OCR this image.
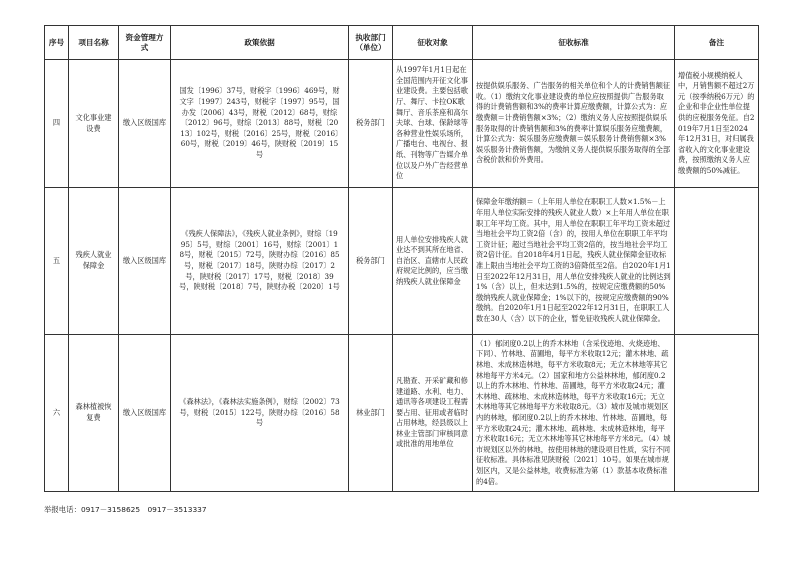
序号	项目名称	资金管理方式	政策依据	执收部门（单位）	征收对象	征收标准	备注
四	文化事业建设费	缴入区级国库	国发〔1996〕37号，财税字〔1996〕469号，财文字〔1997〕243号，财税字〔1997〕95号，国办发〔2006〕43号，财税〔2012〕68号，财综〔2012〕96号，财综〔2013〕88号，财税〔2013〕102号，财税〔2016〕25号，财税〔2016〕60号，财税〔2019〕46号，陕财税〔2019〕15号	税务部门	从1997年1月1日起在全国范围内开征文化事业建设费。主要包括歌厅、舞厅、卡拉OK歌舞厅、音乐茶座和高尔夫球、台球、保龄球等各种营业性娱乐场所，广播电台、电视台、报纸、刊物等广告媒介单位以及户外广告经营单位	按提供娱乐服务、广告服务的相关单位和个人的计费销售额征收。（1）缴纳文化事业建设费的单位应按照提供广告服务取得的计费销售额和3%的费率计算应缴费额，计算公式为：应缴费额＝计费销售额×3%；（2）缴纳义务人应按照提供娱乐服务取得的计费销售额和3%的费率计算娱乐服务应缴费额，计算公式为：娱乐服务应缴费额＝娱乐服务计费销售额×3%娱乐服务计费销售额，为缴纳义务人提供娱乐服务取得的全部含税价款和价外费用。	增值税小规模纳税人中，月销售额不超过2万元（按季纳税6万元）的企业和非企业性单位提供的应税服务免征。自2019年7月1日至2024年12月31日，对归属我省收入的文化事业建设费，按照缴纳义务人应缴费额的50%减征。
五	残疾人就业保障金	缴入区级国库	《残疾人保障法》，《残疾人就业条例》，财综〔1995〕5号，财综〔2001〕16号，财综〔2001〕18号，财税〔2015〕72号，陕财办综〔2016〕85号，财税〔2017〕18号，陕财办综〔2017〕2号，陕财税〔2017〕17号，财税〔2018〕39号，陕财税〔2018〕7号，陕财办税〔2020〕1号	税务部门	用人单位安排残疾人就业达不到其所在地省、自治区、直辖市人民政府规定比例的，应当缴纳残疾人就业保障金	保障金年缴纳额＝（上年用人单位在职职工人数×1.5%－上年用人单位实际安排的残疾人就业人数）×上年用人单位在职职工年平均工资。其中，用人单位在职职工年平均工资未超过当地社会平均工资2倍（含）的，按用人单位在职职工年平均工资计征；超过当地社会平均工资2倍的，按当地社会平均工资2倍计征。自2018年4月1日起，残疾人就业保障金征收标准上限由当地社会平均工资的3倍降低至2倍。自2020年1月1日至2022年12月31日，用人单位安排残疾人就业的比例达到1%（含）以上，但未达到1.5%的，按规定应缴费额的50%缴纳残疾人就业保障金；1%以下的，按规定应缴费额的90%缴纳。自2020年1月1日起至2022年12月31日，在职职工人数在30人（含）以下的企业，暂免征收残疾人就业保障金。	
六	森林植被恢复费	缴入区级国库	《森林法》，《森林法实施条例》，财综〔2002〕73号，财税〔2015〕122号，陕财办综〔2016〕58号	林业部门	凡勘查、开采矿藏和修建道路、水利、电力、通讯等各项建设工程需要占用、征用或者临时占用林地，经县级以上林业主管部门审核同意或批准的用地单位	（1）郁闭度0.2以上的乔木林地（含采伐迹地、火烧迹地、下同）、竹林地、苗圃地，每平方米收取12元；灌木林地、疏林地、未成林造林地，每平方米收取8元；无立木林地等其它林地每平方米4元。（2）国家和地方公益林林地，郁闭度0.2以上的乔木林地、竹林地、苗圃地，每平方米收取24元；灌木林地、疏林地、未成林造林地，每平方米收取16元；无立木林地等其它林地每平方米收取8元。（3）城市及城市规划区内的林地，郁闭度0.2以上的乔木林地、竹林地、苗圃地，每平方米收取24元；灌木林地、疏林地、未成林造林地，每平方米收取16元；无立木林地等其它林地每平方米8元。（4）城市规划区以外的林地，按使用林地的建设项目性质，实行不同征收标准。具体标准见陕财税〔2021〕10号。如果在城市规划区内，又是公益林地，收费标准为第（1）款基本收费标准的4倍。	
举报电话：0917－3158625　0917－3513337
